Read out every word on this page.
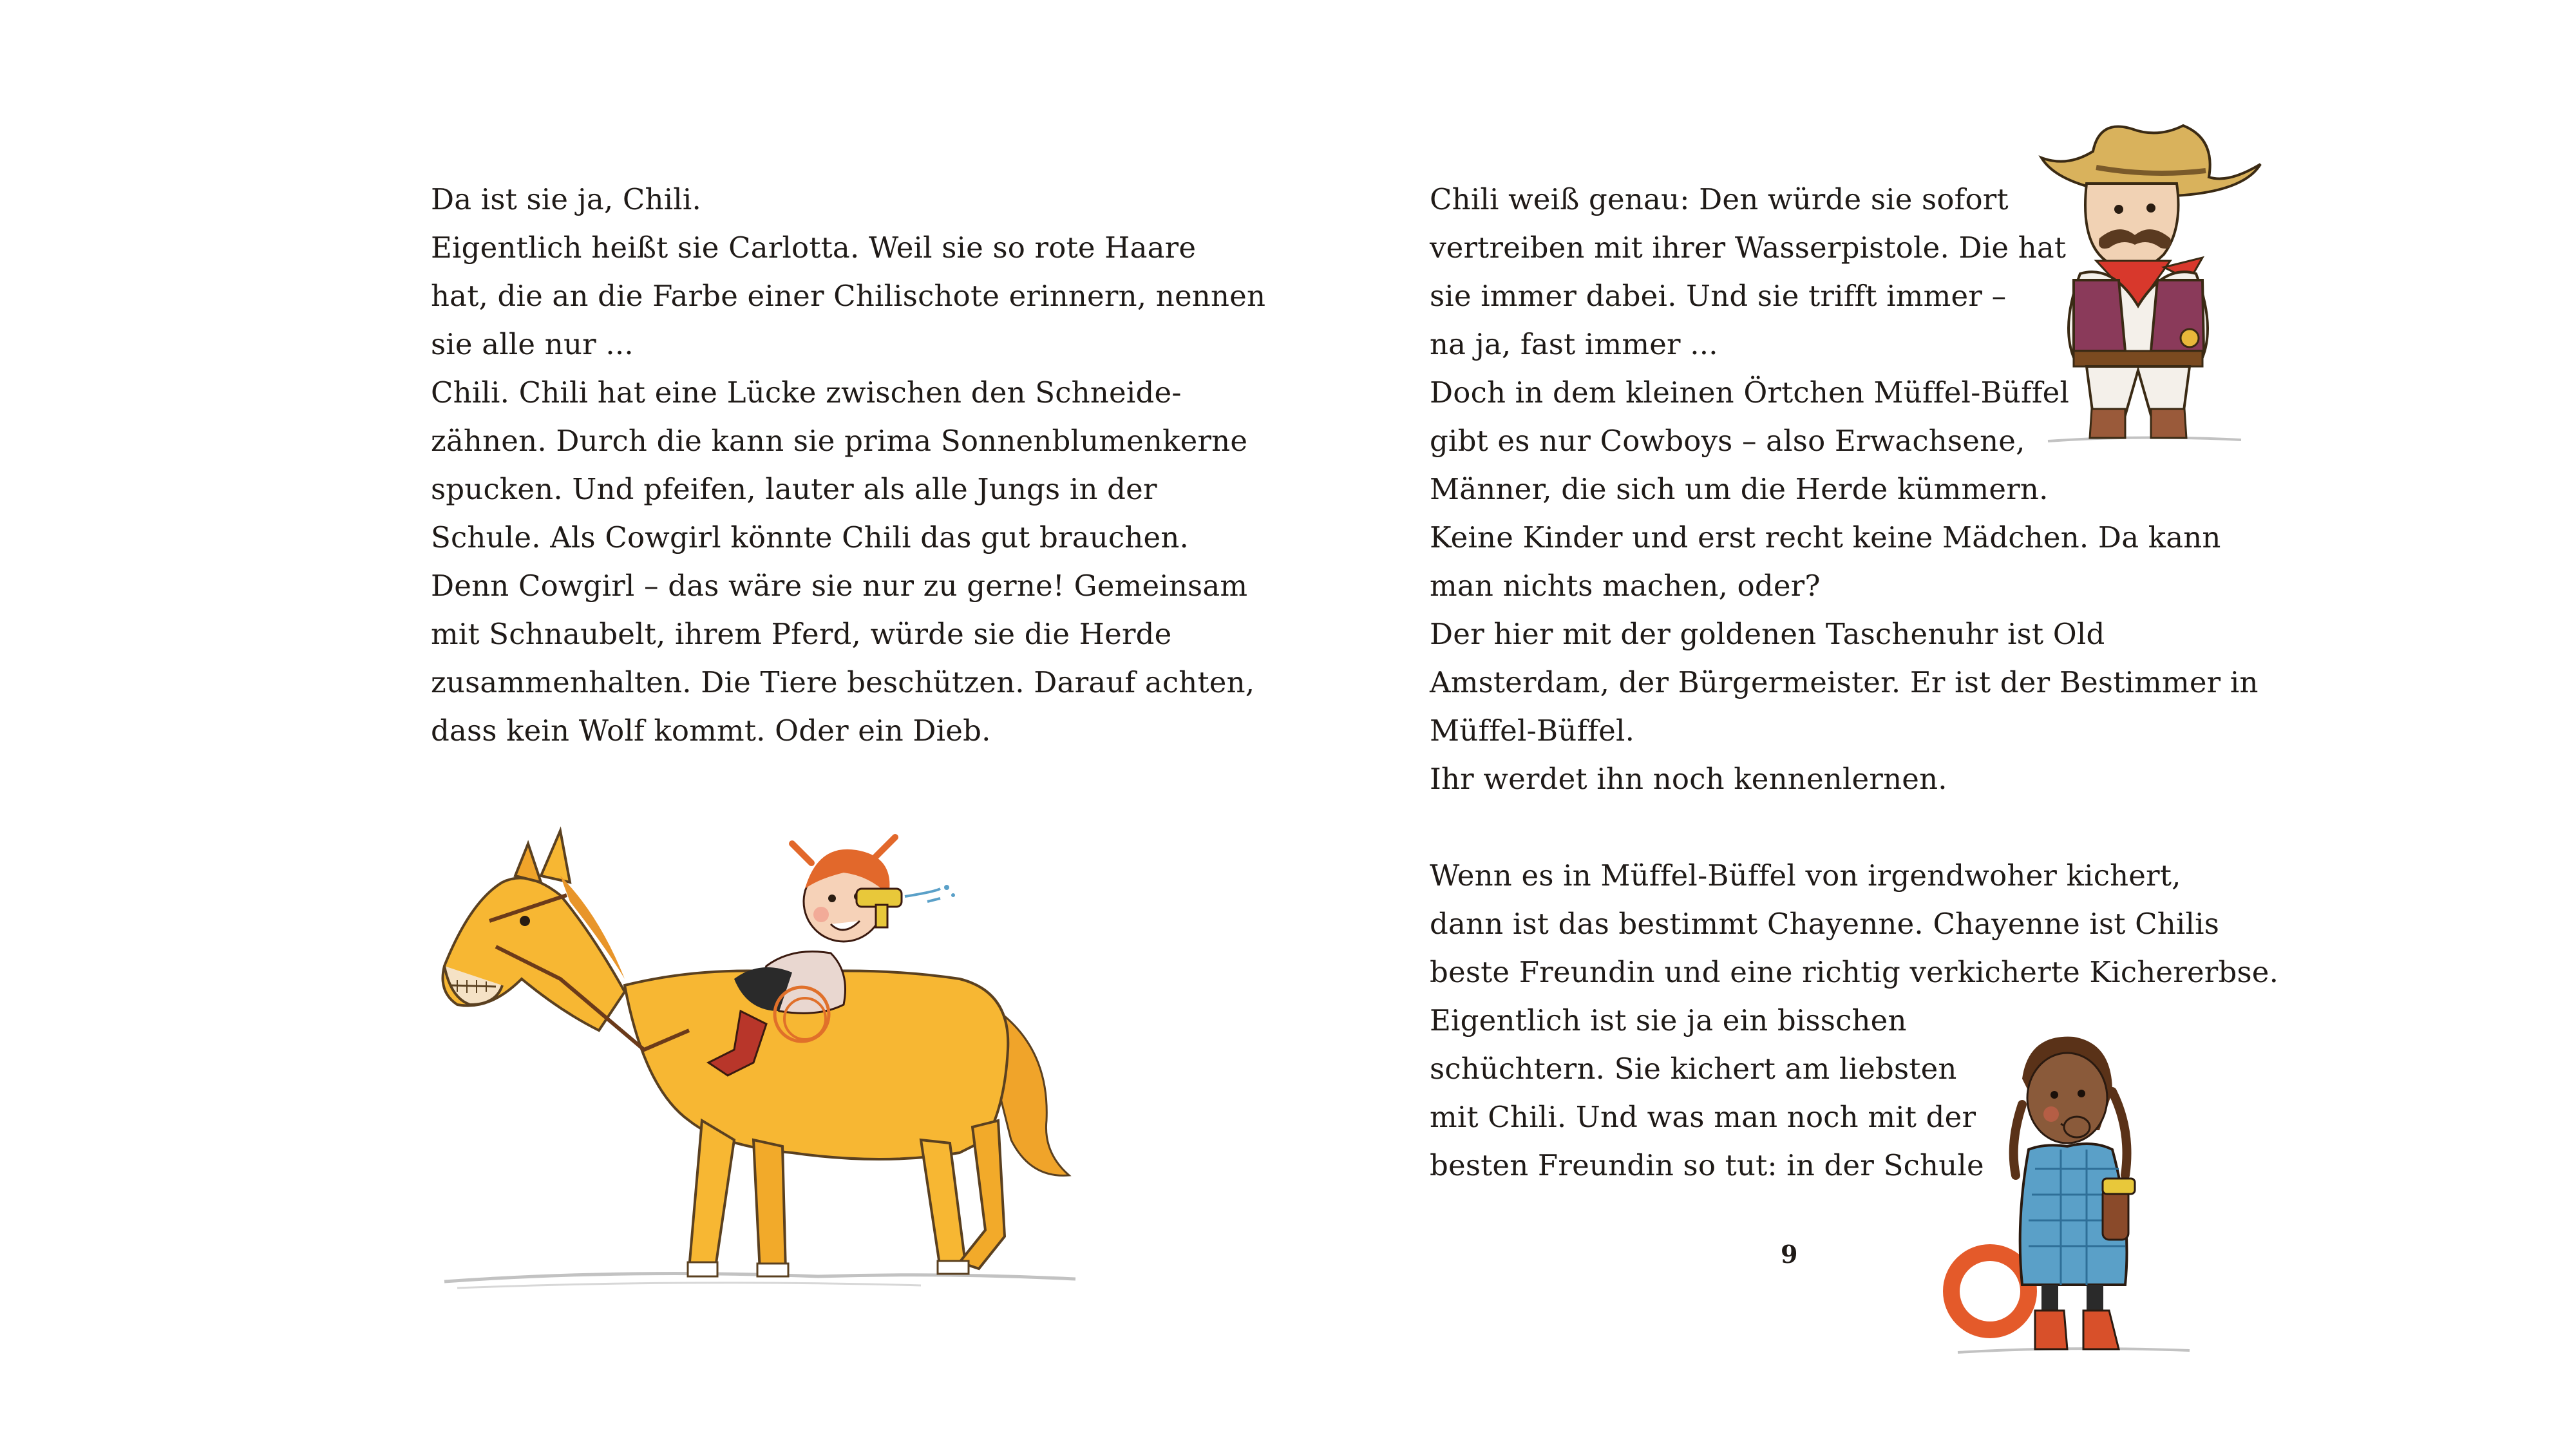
Da ist sie ja, Chili.
Eigentlich heißt sie Carlotta. Weil sie so rote Haare
hat, die an die Farbe einer Chilischote erinnern, nennen
sie alle nur ...
Chili. Chili hat eine Lücke zwischen den Schneide-
zähnen. Durch die kann sie prima Sonnenblumenkerne
spucken. Und pfeifen, lauter als alle Jungs in der
Schule. Als Cowgirl könnte Chili das gut brauchen.
Denn Cowgirl – das wäre sie nur zu gerne! Gemeinsam
mit Schnaubelt, ihrem Pferd, würde sie die Herde
zusammenhalten. Die Tiere beschützen. Darauf achten,
dass kein Wolf kommt. Oder ein Dieb.
Chili weiß genau: Den würde sie sofort
vertreiben mit ihrer Wasserpistole. Die hat
sie immer dabei. Und sie trifft immer –
na ja, fast immer ...
Doch in dem kleinen Örtchen Müffel-Büffel
gibt es nur Cowboys – also Erwachsene,
Männer, die sich um die Herde kümmern.
Keine Kinder und erst recht keine Mädchen. Da kann
man nichts machen, oder?
Der hier mit der goldenen Taschenuhr ist Old
Amsterdam, der Bürgermeister. Er ist der Bestimmer in
Müffel-Büffel.
Ihr werdet ihn noch kennenlernen.
Wenn es in Müffel-Büffel von irgendwoher kichert,
dann ist das bestimmt Chayenne. Chayenne ist Chilis
beste Freundin und eine richtig verkicherte Kichererbse.
Eigentlich ist sie ja ein bisschen
schüchtern. Sie kichert am liebsten
mit Chili. Und was man noch mit der
besten Freundin so tut: in der Schule
9
